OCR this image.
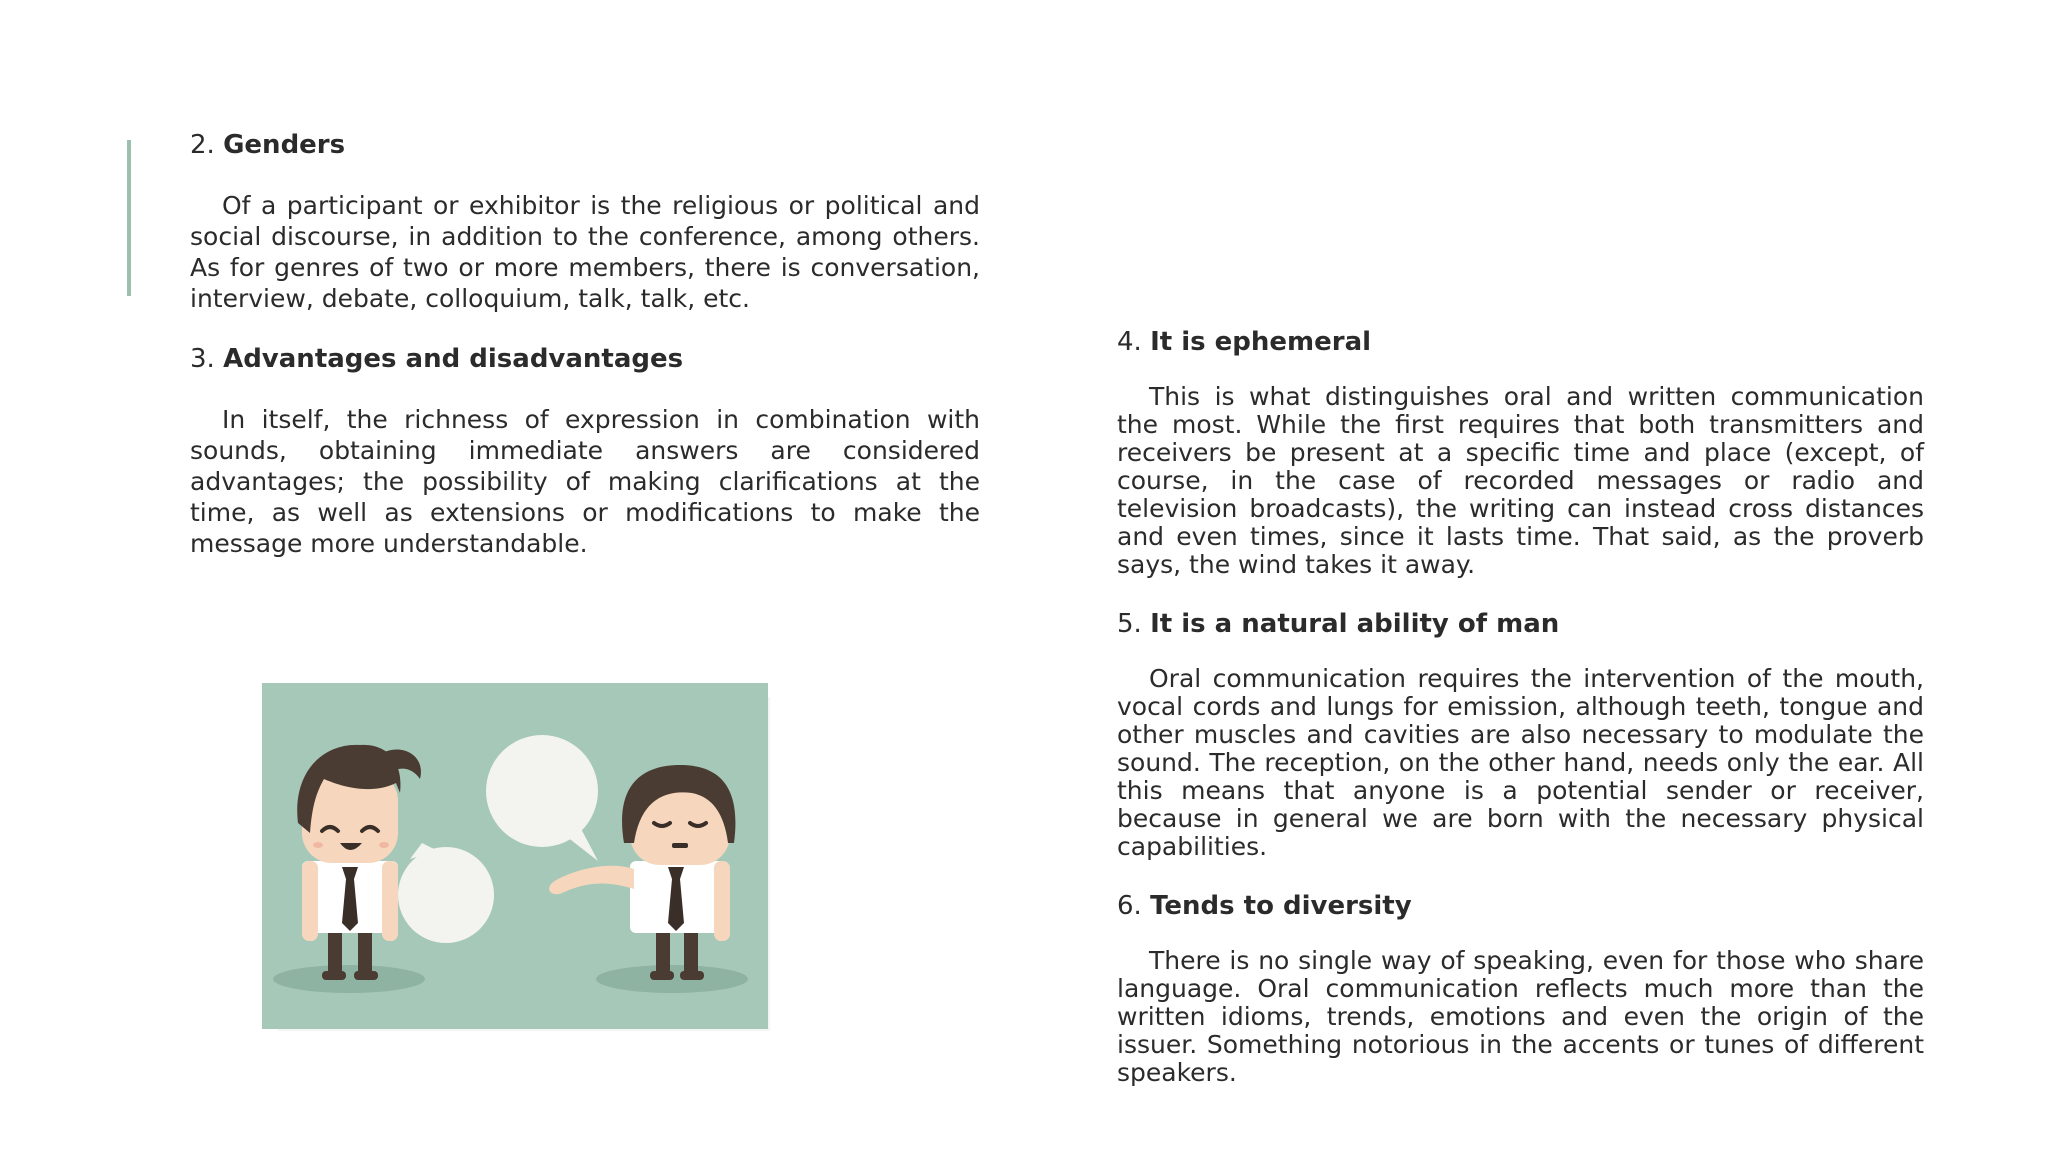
2. Genders

Of a participant or exhibitor is the religious or political and social discourse, in addition to the conference, among others. As for genres of two or more members, there is conversation, interview, debate, colloquium, talk, talk, etc.

3. Advantages and disadvantages

In itself, the richness of expression in combination with sounds, obtaining immediate answers are considered advantages; the possibility of making clarifications at the time, as well as extensions or modifications to make the message more understandable.

4. It is ephemeral

This is what distinguishes oral and written communication the most. While the first requires that both transmitters and receivers be present at a specific time and place (except, of course, in the case of recorded messages or radio and television broadcasts), the writing can instead cross distances and even times, since it lasts time. That said, as the proverb says, the wind takes it away.

5. It is a natural ability of man

Oral communication requires the intervention of the mouth, vocal cords and lungs for emission, although teeth, tongue and other muscles and cavities are also necessary to modulate the sound. The reception, on the other hand, needs only the ear. All this means that anyone is a potential sender or receiver, because in general we are born with the necessary physical capabilities.

6. Tends to diversity

There is no single way of speaking, even for those who share language. Oral communication reflects much more than the written idioms, trends, emotions and even the origin of the issuer. Something notorious in the accents or tunes of different speakers.
